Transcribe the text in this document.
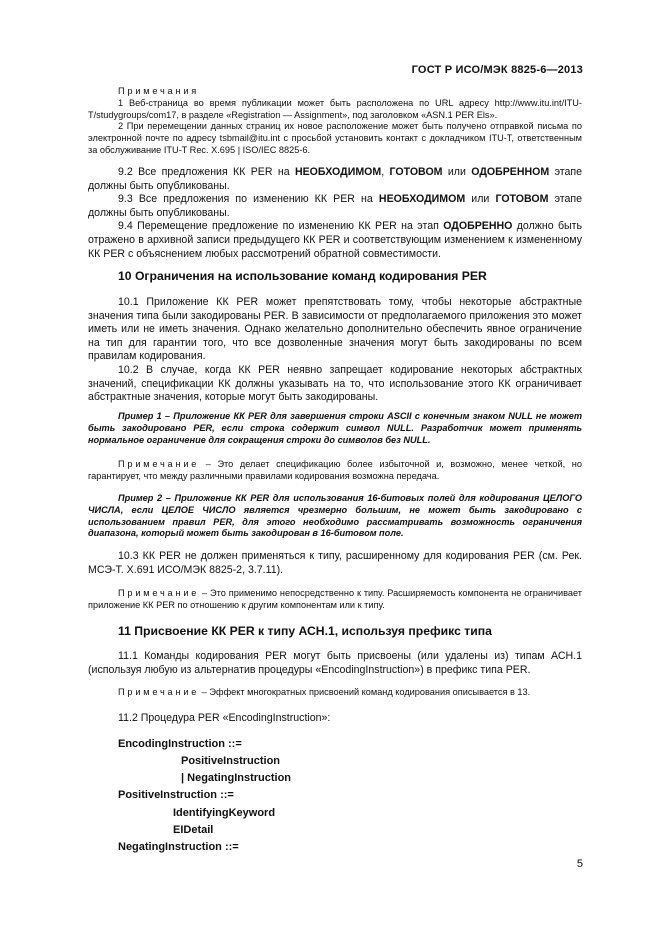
ГОСТ Р ИСО/МЭК 8825-6—2013

Примечания

1 Веб-страница во время публикации может быть расположена по URL адресу http://www.itu.int/ITU-T/studygroups/com17, в разделе «Registration — Assignment», под заголовком «ASN.1 PER Els».

2 При перемещении данных страниц их новое расположение может быть получено отправкой письма по электронной почте по адресу tsbmail@itu.int с просьбой установить контакт с докладчиком ITU-T, ответственным за обслуживание ITU-T Rec. X.695 | ISO/IEC 8825-6.

9.2 Все предложения КК PER на НЕОБХОДИМОМ, ГОТОВОМ или ОДОБРЕННОМ этапе должны быть опубликованы.

9.3 Все предложения по изменению КК PER на НЕОБХОДИМОМ или ГОТОВОМ этапе должны быть опубликованы.

9.4 Перемещение предложение по изменению КК PER на этап ОДОБРЕННО должно быть отражено в архивной записи предыдущего КК PER и соответствующим изменением к измененному КК PER с объяснением любых рассмотрений обратной совместимости.

10 Ограничения на использование команд кодирования PER

10.1 Приложение КК PER может препятствовать тому, чтобы некоторые абстрактные значения типа были закодированы PER. В зависимости от предполагаемого приложения это может иметь или не иметь значения. Однако желательно дополнительно обеспечить явное ограничение на тип для гарантии того, что все дозволенные значения могут быть закодированы по всем правилам кодирования.

10.2 В случае, когда КК PER неявно запрещает кодирование некоторых абстрактных значений, спецификации КК должны указывать на то, что использование этого КК ограничивает абстрактные значения, которые могут быть закодированы.

Пример 1 – Приложение КК PER для завершения строки ASCII с конечным знаком NULL не может быть закодировано PER, если строка содержит символ NULL. Разработчик может применять нормальное ограничение для сокращения строки до символов без NULL.

Примечание – Это делает спецификацию более избыточной и, возможно, менее четкой, но гарантирует, что между различными правилами кодирования возможна передача.

Пример 2 – Приложение КК PER для использования 16-битовых полей для кодирования ЦЕЛОГО ЧИСЛА, если ЦЕЛОЕ ЧИСЛО является чрезмерно большим, не может быть закодировано с использованием правил PER, для этого необходимо рассматривать возможность ограничения диапазона, который может быть закодирован в 16-битовом поле.

10.3 КК PER не должен применяться к типу, расширенному для кодирования PER (см. Рек. МСЭ-Т. X.691 ИСО/МЭК 8825-2, 3.7.11).

Примечание – Это применимо непосредственно к типу. Расширяемость компонента не ограничивает приложение КК PER по отношению к другим компонентам или к типу.

11 Присвоение КК PER к типу АСН.1, используя префикс типа

11.1 Команды кодирования PER могут быть присвоены (или удалены из) типам АСН.1 (используя любую из альтернатив процедуры «EncodingInstruction») в префикс типа PER.

Примечание – Эффект многократных присвоений команд кодирования описывается в 13.

11.2 Процедура PER «EncodingInstruction»:

EncodingInstruction ::=

PositiveInstruction

| NegatingInstruction

PositiveInstruction ::=

IdentifyingKeyword

EIDetail

NegatingInstruction ::=

5
